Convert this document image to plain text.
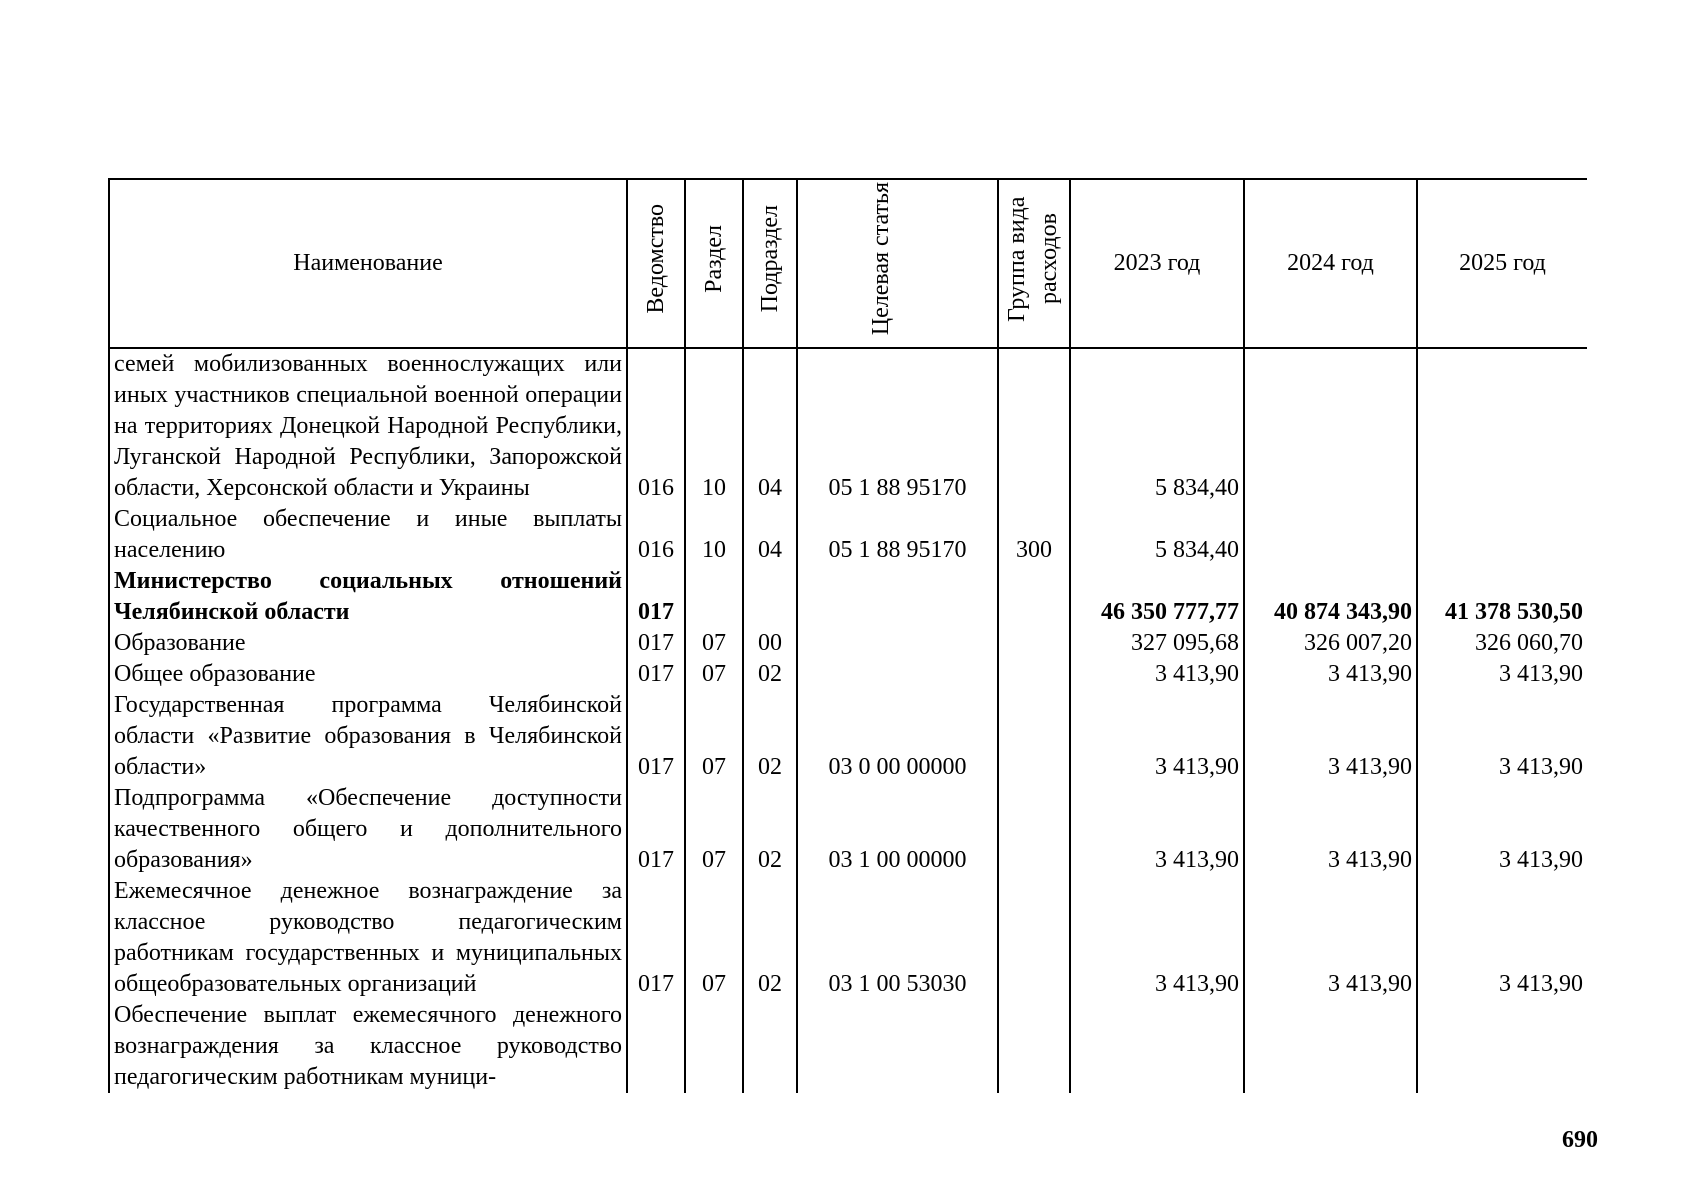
Наименование	Ведомство	Раздел	Подраздел	Целевая статья	Группа вида расходов	2023 год	2024 год	2025 год
семей мобилизованных военнослужащих или иных участников специальной военной операции на территориях Донецкой Народной Республики, Луганской Народной Республики, Запорожской области, Херсонской области и Украины	016	10	04	05 1 88 95170		5 834,40		
Социальное обеспечение и иные выплаты населению	016	10	04	05 1 88 95170	300	5 834,40		
Министерство социальных отношений Челябинской области	017					46 350 777,77	40 874 343,90	41 378 530,50
Образование	017	07	00			327 095,68	326 007,20	326 060,70
Общее образование	017	07	02			3 413,90	3 413,90	3 413,90
Государственная программа Челябинской области «Развитие образования в Челябинской области»	017	07	02	03 0 00 00000		3 413,90	3 413,90	3 413,90
Подпрограмма «Обеспечение доступности качественного общего и дополнительного образования»	017	07	02	03 1 00 00000		3 413,90	3 413,90	3 413,90
Ежемесячное денежное вознаграждение за классное руководство педагогическим работникам государственных и муниципальных общеобразовательных организаций	017	07	02	03 1 00 53030		3 413,90	3 413,90	3 413,90
Обеспечение выплат ежемесячного денежного вознаграждения за классное руководство педагогическим работникам муници-								
690
